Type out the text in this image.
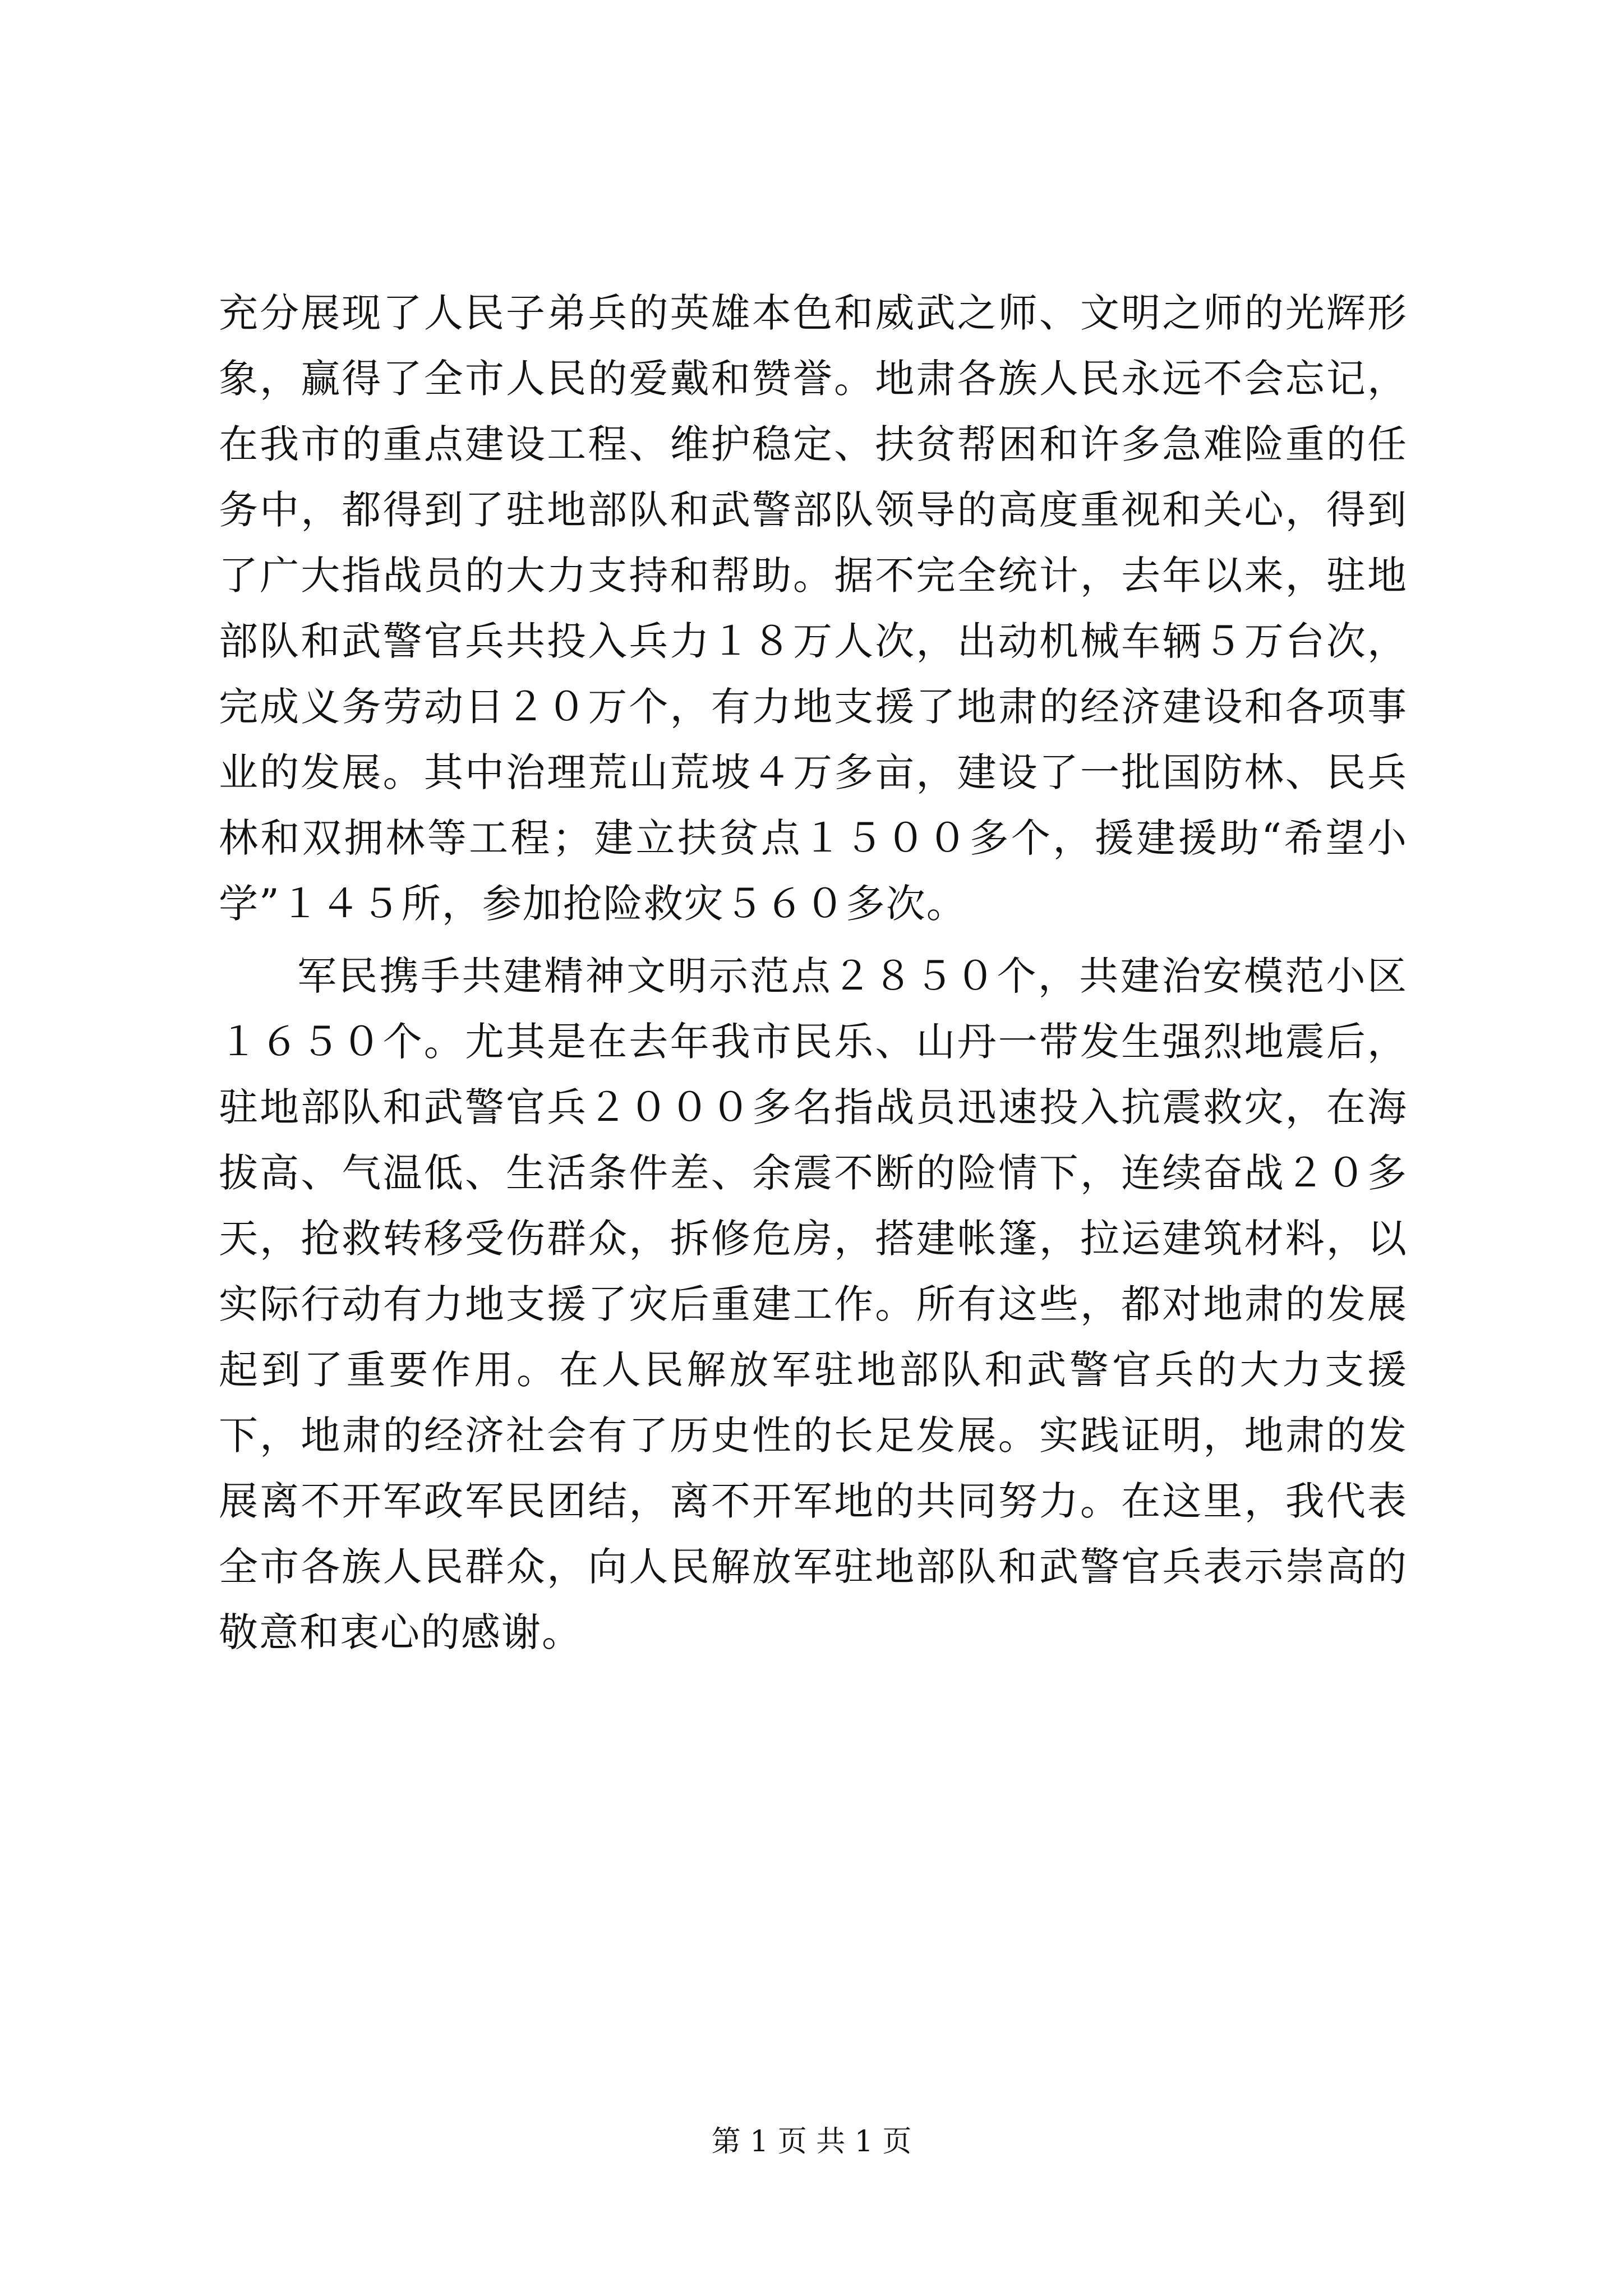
充分展现了人民子弟兵的英雄本色和威武之师、文明之师的光辉形象，赢得了全市人民的爱戴和赞誉。地肃各族人民永远不会忘记，在我市的重点建设工程、维护稳定、扶贫帮困和许多急难险重的任务中，都得到了驻地部队和武警部队领导的高度重视和关心，得到了广大指战员的大力支持和帮助。据不完全统计，去年以来，驻地部队和武警官兵共投入兵力１８万人次，出动机械车辆５万台次，完成义务劳动日２０万个，有力地支援了地肃的经济建设和各项事业的发展。其中治理荒山荒坡４万多亩，建设了一批国防林、民兵林和双拥林等工程；建立扶贫点１５００多个，援建援助“希望小学”１４５所，参加抢险救灾５６０多次。

军民携手共建精神文明示范点２８５０个，共建治安模范小区１６５０个。尤其是在去年我市民乐、山丹一带发生强烈地震后，驻地部队和武警官兵２０００多名指战员迅速投入抗震救灾，在海拔高、气温低、生活条件差、余震不断的险情下，连续奋战２０多天，抢救转移受伤群众，拆修危房，搭建帐篷，拉运建筑材料，以实际行动有力地支援了灾后重建工作。所有这些，都对地肃的发展起到了重要作用。在人民解放军驻地部队和武警官兵的大力支援下，地肃的经济社会有了历史性的长足发展。实践证明，地肃的发展离不开军政军民团结，离不开军地的共同努力。在这里，我代表全市各族人民群众，向人民解放军驻地部队和武警官兵表示崇高的敬意和衷心的感谢。

第 1 页 共 1 页
